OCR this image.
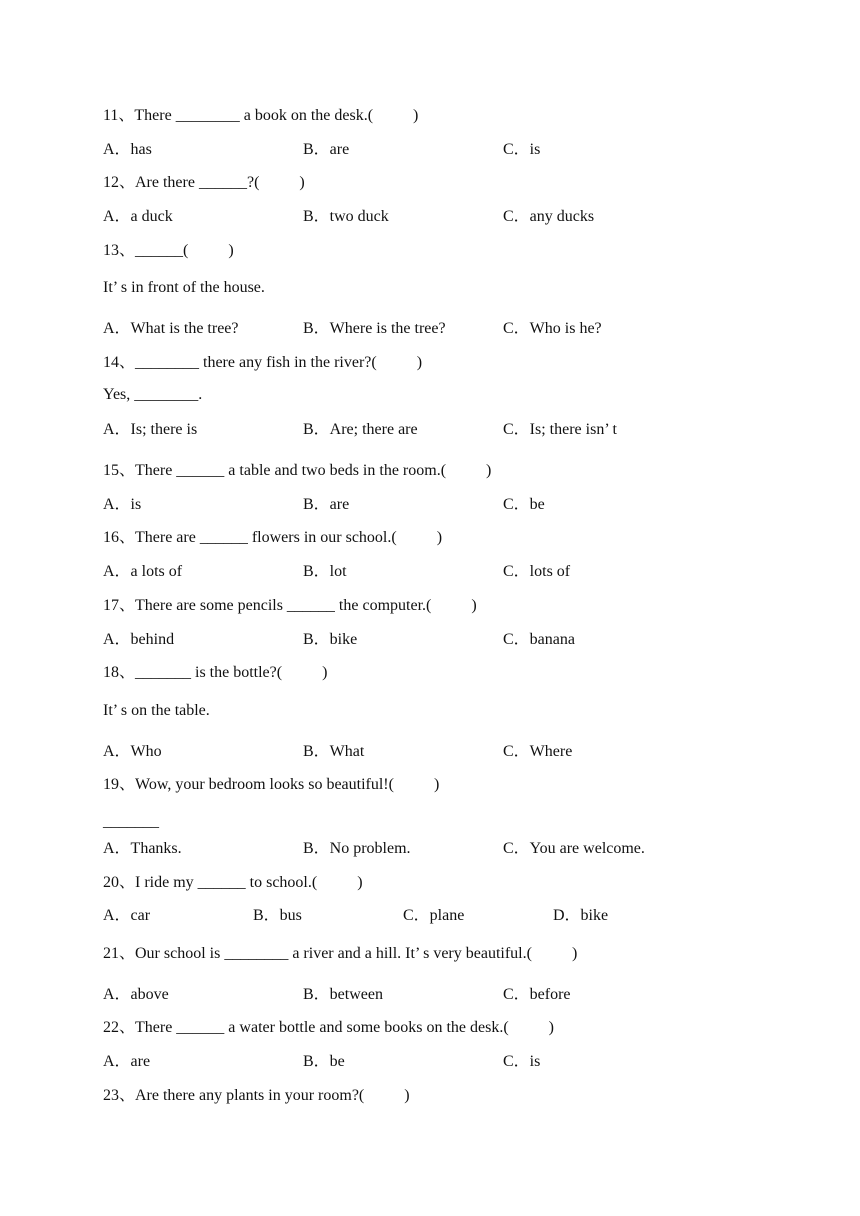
11、There ________ a book on the desk.(          )
A．has	B．are	C．is
12、Are there ______?(          )
A．a duck	B．two duck	C．any ducks
13、______(          )
It’ s in front of the house.
A．What is the tree?	B．Where is the tree?	C．Who is he?
14、________ there any fish in the river?(          )
Yes, ________.
A．Is; there is	B．Are; there are	C．Is; there isn’ t
15、There ______ a table and two beds in the room.(          )
A．is	B．are	C．be
16、There are ______ flowers in our school.(          )
A．a lots of	B．lot	C．lots of
17、There are some pencils ______ the computer.(          )
A．behind	B．bike	C．banana
18、_______ is the bottle?(          )
It’ s on the table.
A．Who	B．What	C．Where
19、Wow, your bedroom looks so beautiful!(          )
_______
A．Thanks.	B．No problem.	C．You are welcome.
20、I ride my ______ to school.(          )
A．car	B．bus	C．plane	D．bike
21、Our school is ________ a river and a hill. It’ s very beautiful.(          )
A．above	B．between	C．before
22、There ______ a water bottle and some books on the desk.(          )
A．are	B．be	C．is
23、Are there any plants in your room?(          )
